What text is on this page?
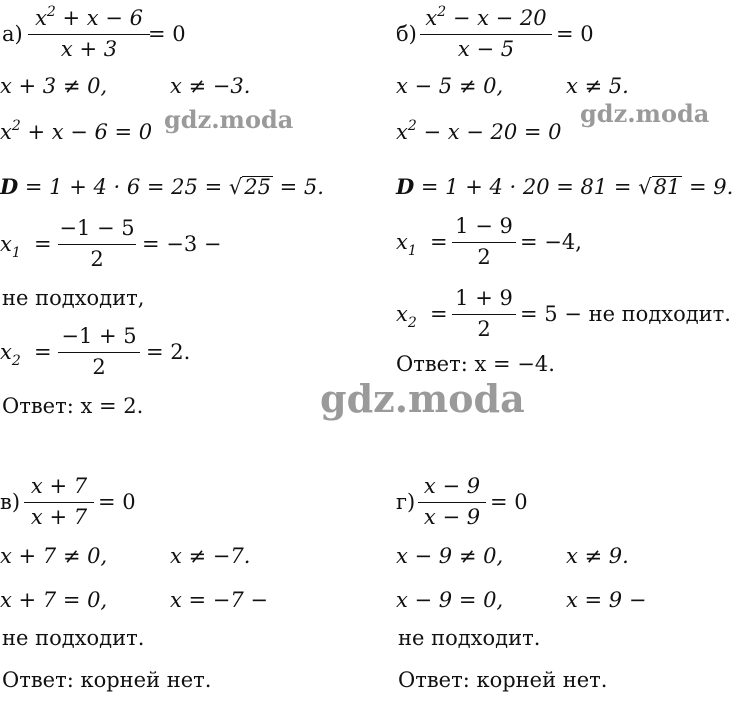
а)
$x^2 + x - 6$
x + 3
= 0
x + 3 ≠ 0,	x ≠ −3.
$x^2 + x - 6 = 0$
D = 1 + 4 · 6 = 25 = √25 = 5.
$x_1$ =
−1 − 5
2
= −3 −
не подходит,
$x_2$ =
−1 + 5
2
= 2.
Ответ: x = 2.
б)
$x^2 - x - 20$
x − 5
= 0
x − 5 ≠ 0,	x ≠ 5.
$x^2 - x - 20 = 0$
D = 1 + 4 · 20 = 81 = √81 = 9.
$x_1$ =
1 − 9
2
= −4,
$x_2$ =
1 + 9
2
= 5 − не подходит.
Ответ: x = −4.
в)
x + 7
x + 7
= 0
x + 7 ≠ 0,	x ≠ −7.
x + 7 = 0,	x = −7 −
не подходит.
Ответ: корней нет.
г)
x − 9
x − 9
= 0
x − 9 ≠ 0,	x ≠ 9.
x − 9 = 0,	x = 9 −
не подходит.
Ответ: корней нет.
gdz.moda	gdz.moda
gdz.moda
